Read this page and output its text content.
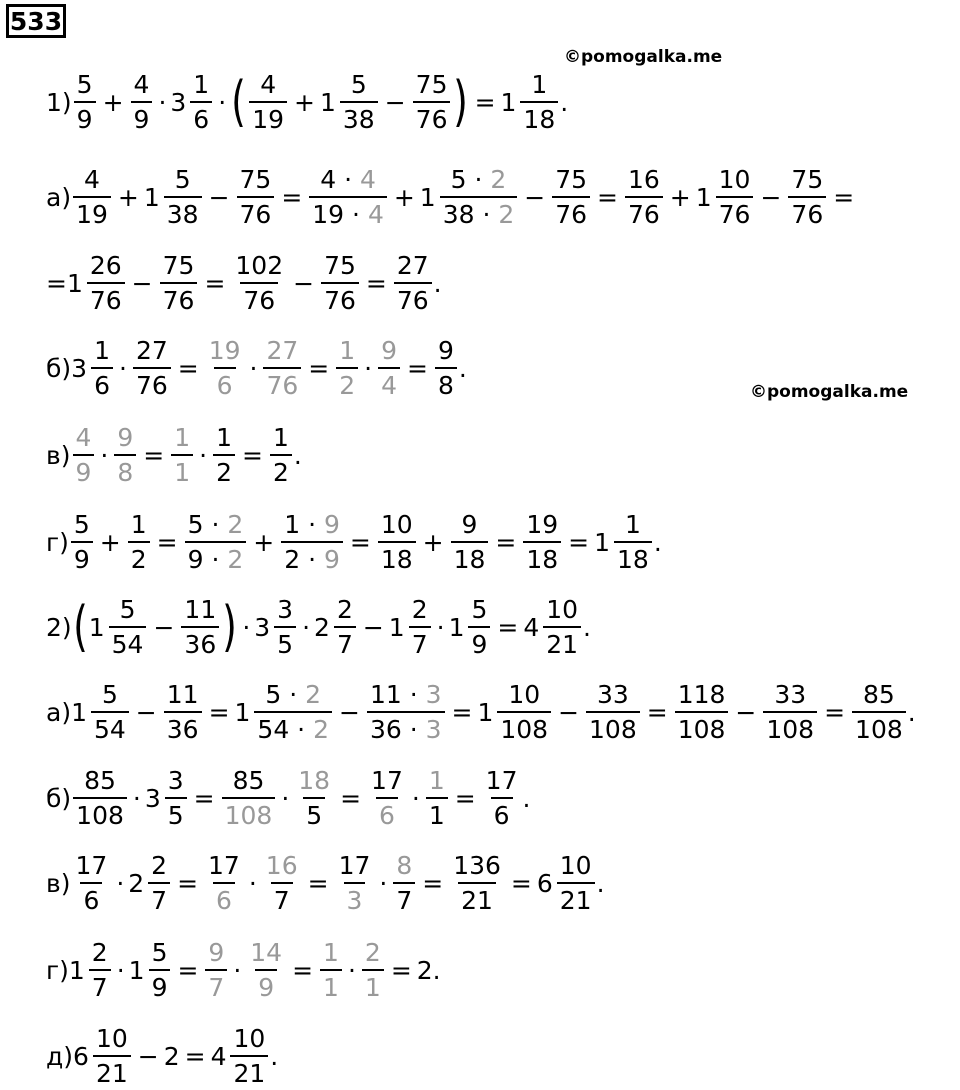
533
©pomogalka.me
©pomogalka.me
$1) \frac{5}{9} + \frac{4}{9} \cdot 3 \frac{1}{6}$ · ( $\frac{4}{19} + 1 \frac{5}{38} - \frac{75}{76}$ ) = $1 \frac{1}{18}$ .
$а) \frac{4}{19} + 1 \frac{5}{38} - \frac{75}{76} = \frac{4 \cdot 4}{19 \cdot 4} + 1 \frac{5 \cdot 2}{38 \cdot 2} - \frac{75}{76} = \frac{16}{76} + 1 \frac{10}{76} - \frac{75}{76}$ =
= $1 \frac{26}{76} - \frac{75}{76} = \frac{102}{76} - \frac{75}{76} = \frac{27}{76}$ .
б) $3 \frac{1}{6} \cdot \frac{27}{76} = \frac{19}{6} \cdot \frac{27}{76} = \frac{1}{2} \cdot \frac{9}{4} = \frac{9}{8}$ .
$в) \frac{4}{9} \cdot \frac{9}{8} = \frac{1}{1} \cdot \frac{1}{2} = \frac{1}{2}$ .
$г) \frac{5}{9} + \frac{1}{2} = \frac{5 \cdot 2}{9 \cdot 2} + \frac{1 \cdot 9}{2 \cdot 9} = \frac{10}{18} + \frac{9}{18} = \frac{19}{18} = 1 \frac{1}{18}$ .
2) ( $1 \frac{5}{54} - \frac{11}{36}$ ) · $3 \frac{3}{5} \cdot 2 \frac{2}{7} - 1 \frac{2}{7} \cdot 1 \frac{5}{9} = 4 \frac{10}{21}$ .
а) $1 \frac{5}{54} - \frac{11}{36} = 1 \frac{5 \cdot 2}{54 \cdot 2} - \frac{11 \cdot 3}{36 \cdot 3} = 1 \frac{10}{108} - \frac{33}{108} = \frac{118}{108} - \frac{33}{108} = \frac{85}{108}$ .
$б) \frac{85}{108} \cdot 3 \frac{3}{5} = \frac{85}{108} \cdot \frac{18}{5} = \frac{17}{6} \cdot \frac{1}{1} = \frac{17}{6}$ .
$в) \frac{17}{6} \cdot 2 \frac{2}{7} = \frac{17}{6} \cdot \frac{16}{7} = \frac{17}{3} \cdot \frac{8}{7} = \frac{136}{21} = 6 \frac{10}{21}$ .
г) $1 \frac{2}{7} \cdot 1 \frac{5}{9} = \frac{9}{7} \cdot \frac{14}{9} = \frac{1}{1} \cdot \frac{2}{1} = 2$.
д) $6 \frac{10}{21} - 2 = 4 \frac{10}{21}$ .
